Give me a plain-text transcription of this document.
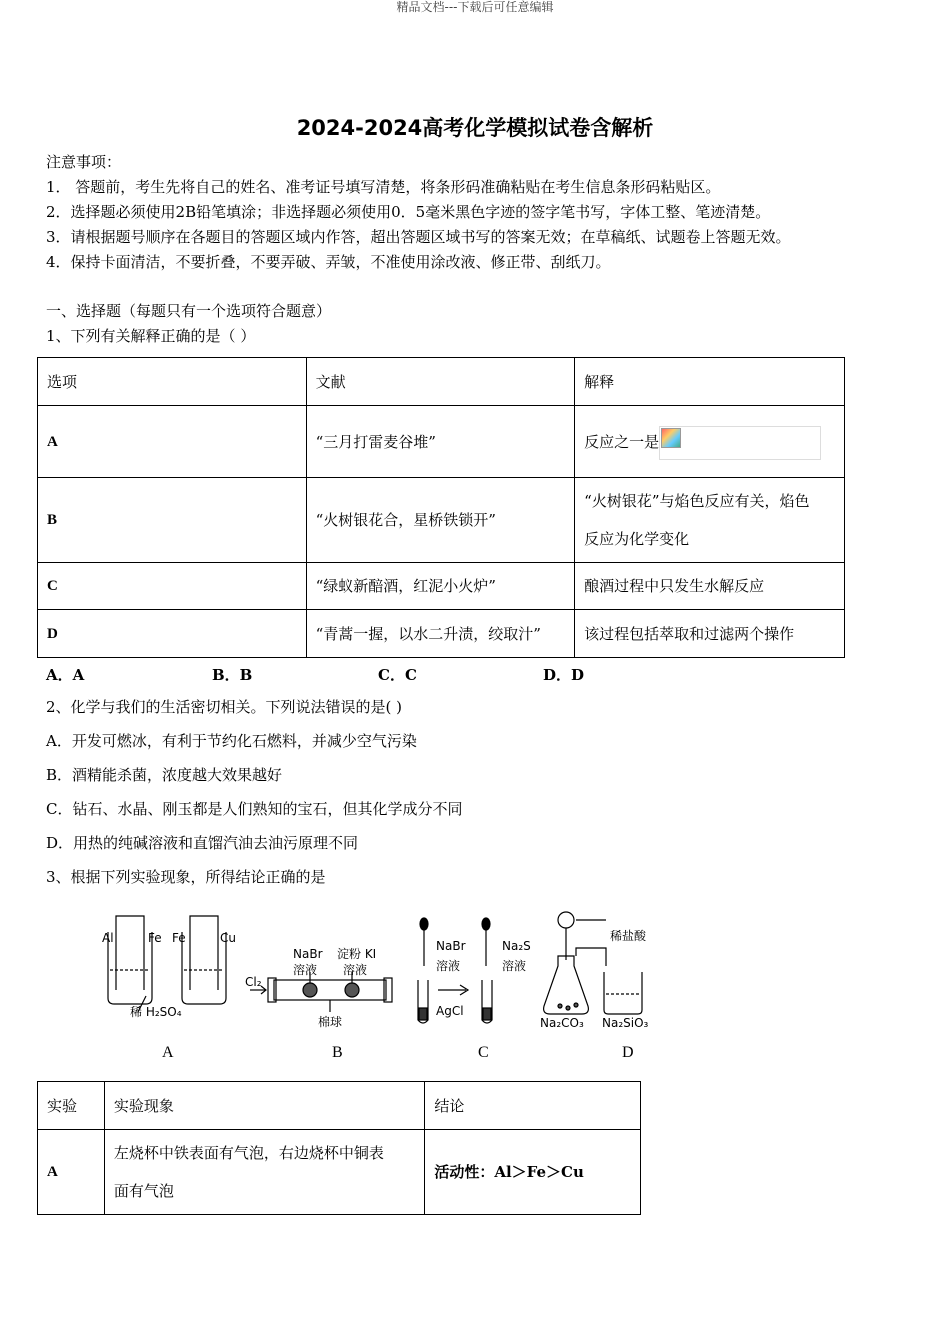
精品文档---下载后可任意编辑
2024-2024高考化学模拟试卷含解析
注意事项：
1． 答题前，考生先将自己的姓名、准考证号填写清楚，将条形码准确粘贴在考生信息条形码粘贴区。
2．选择题必须使用2B铅笔填涂；非选择题必须使用0．5毫米黑色字迹的签字笔书写，字体工整、笔迹清楚。
3．请根据题号顺序在各题目的答题区域内作答，超出答题区域书写的答案无效；在草稿纸、试题卷上答题无效。
4．保持卡面清洁，不要折叠，不要弄破、弄皱，不准使用涂改液、修正带、刮纸刀。
一、选择题（每题只有一个选项符合题意）
1、下列有关解释正确的是（ ）
选项	文献	解释
A	“三月打雷麦谷堆”	反应之一是

B	“火树银花合，星桥铁锁开”	“火树银花”与焰色反应有关，焰色
反应为化学变化

C	“绿蚁新醅酒，红泥小火炉”	酿酒过程中只发生水解反应
D	“青蒿一握，以水二升渍，绞取汁”	该过程包括萃取和过滤两个操作
A．A	B．B	C．C	D．D
2、化学与我们的生活密切相关。下列说法错误的是( )
A．开发可燃冰，有利于节约化石燃料，并减少空气污染
B．酒精能杀菌，浓度越大效果越好
C．钻石、水晶、刚玉都是人们熟知的宝石，但其化学成分不同
D．用热的纯碱溶液和直馏汽油去油污原理不同
3、根据下列实验现象，所得结论正确的是
Al	Fe Fe	Cu
稀 H₂SO₄
A
Cl₂
NaBr
溶液
淀粉 KI
溶液
棉球
B
NaBr
溶液
Na₂S
溶液
AgCl
C
稀盐酸
Na₂CO₃ Na₂SiO₃
D
实验	实验现象	结论
A	左烧杯中铁表面有气泡，右边烧杯中铜表
面有气泡	活动性：Al＞Fe＞Cu
